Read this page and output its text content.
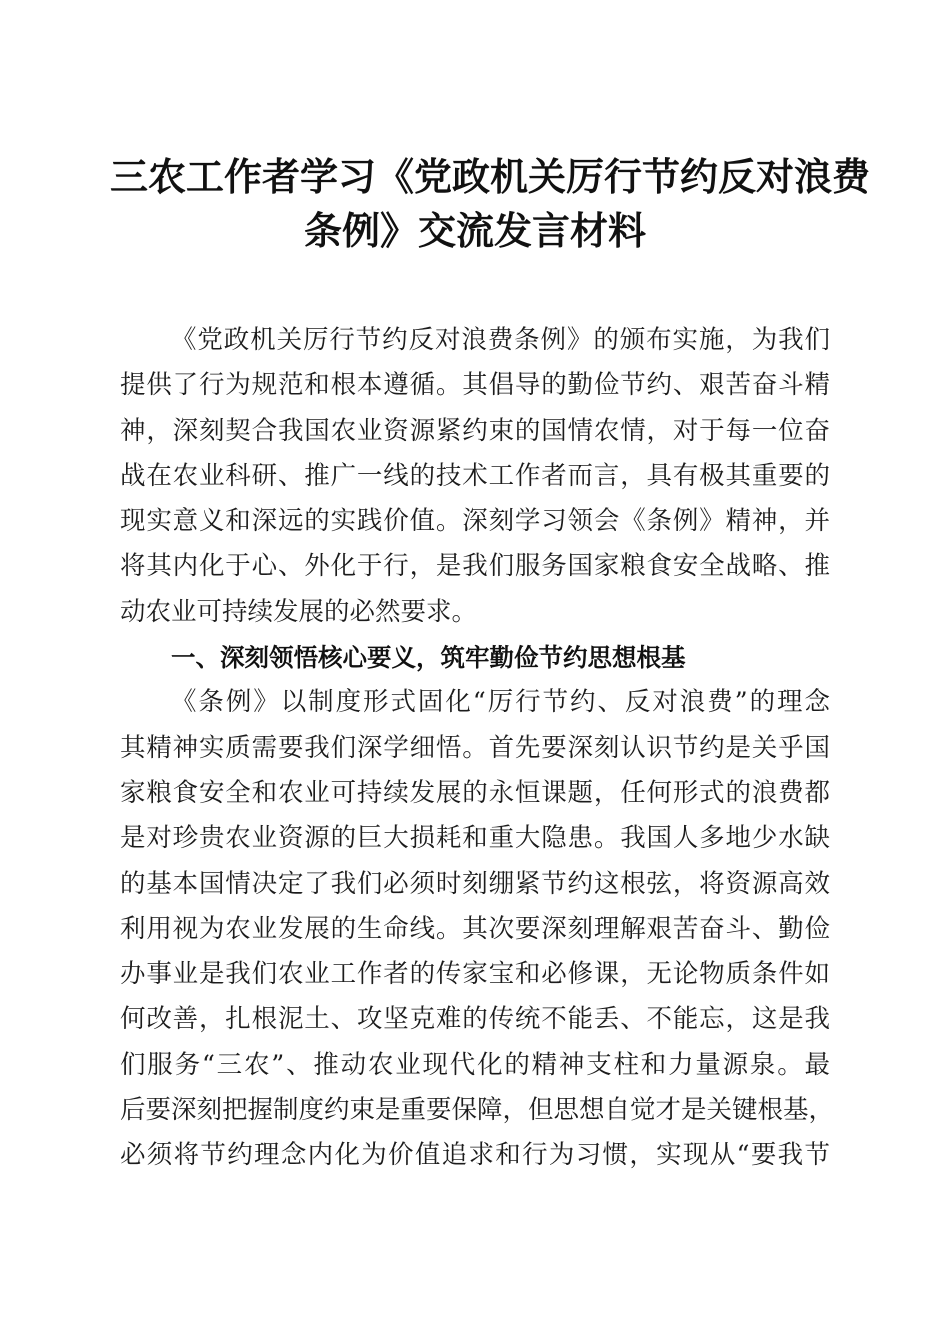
三农工作者学习《党政机关厉行节约反对浪费
条例》交流发言材料
《党政机关厉行节约反对浪费条例》的颁布实施，为我们
提供了行为规范和根本遵循。其倡导的勤俭节约、艰苦奋斗精
神，深刻契合我国农业资源紧约束的国情农情，对于每一位奋
战在农业科研、推广一线的技术工作者而言，具有极其重要的
现实意义和深远的实践价值。深刻学习领会《条例》精神，并
将其内化于心、外化于行，是我们服务国家粮食安全战略、推
动农业可持续发展的必然要求。
一、深刻领悟核心要义，筑牢勤俭节约思想根基
《条例》以制度形式固化“厉行节约、反对浪费”的理念
其精神实质需要我们深学细悟。首先要深刻认识节约是关乎国
家粮食安全和农业可持续发展的永恒课题，任何形式的浪费都
是对珍贵农业资源的巨大损耗和重大隐患。我国人多地少水缺
的基本国情决定了我们必须时刻绷紧节约这根弦，将资源高效
利用视为农业发展的生命线。其次要深刻理解艰苦奋斗、勤俭
办事业是我们农业工作者的传家宝和必修课，无论物质条件如
何改善，扎根泥土、攻坚克难的传统不能丢、不能忘，这是我
们服务“三农”、推动农业现代化的精神支柱和力量源泉。最
后要深刻把握制度约束是重要保障，但思想自觉才是关键根基，
必须将节约理念内化为价值追求和行为习惯，实现从“要我节
